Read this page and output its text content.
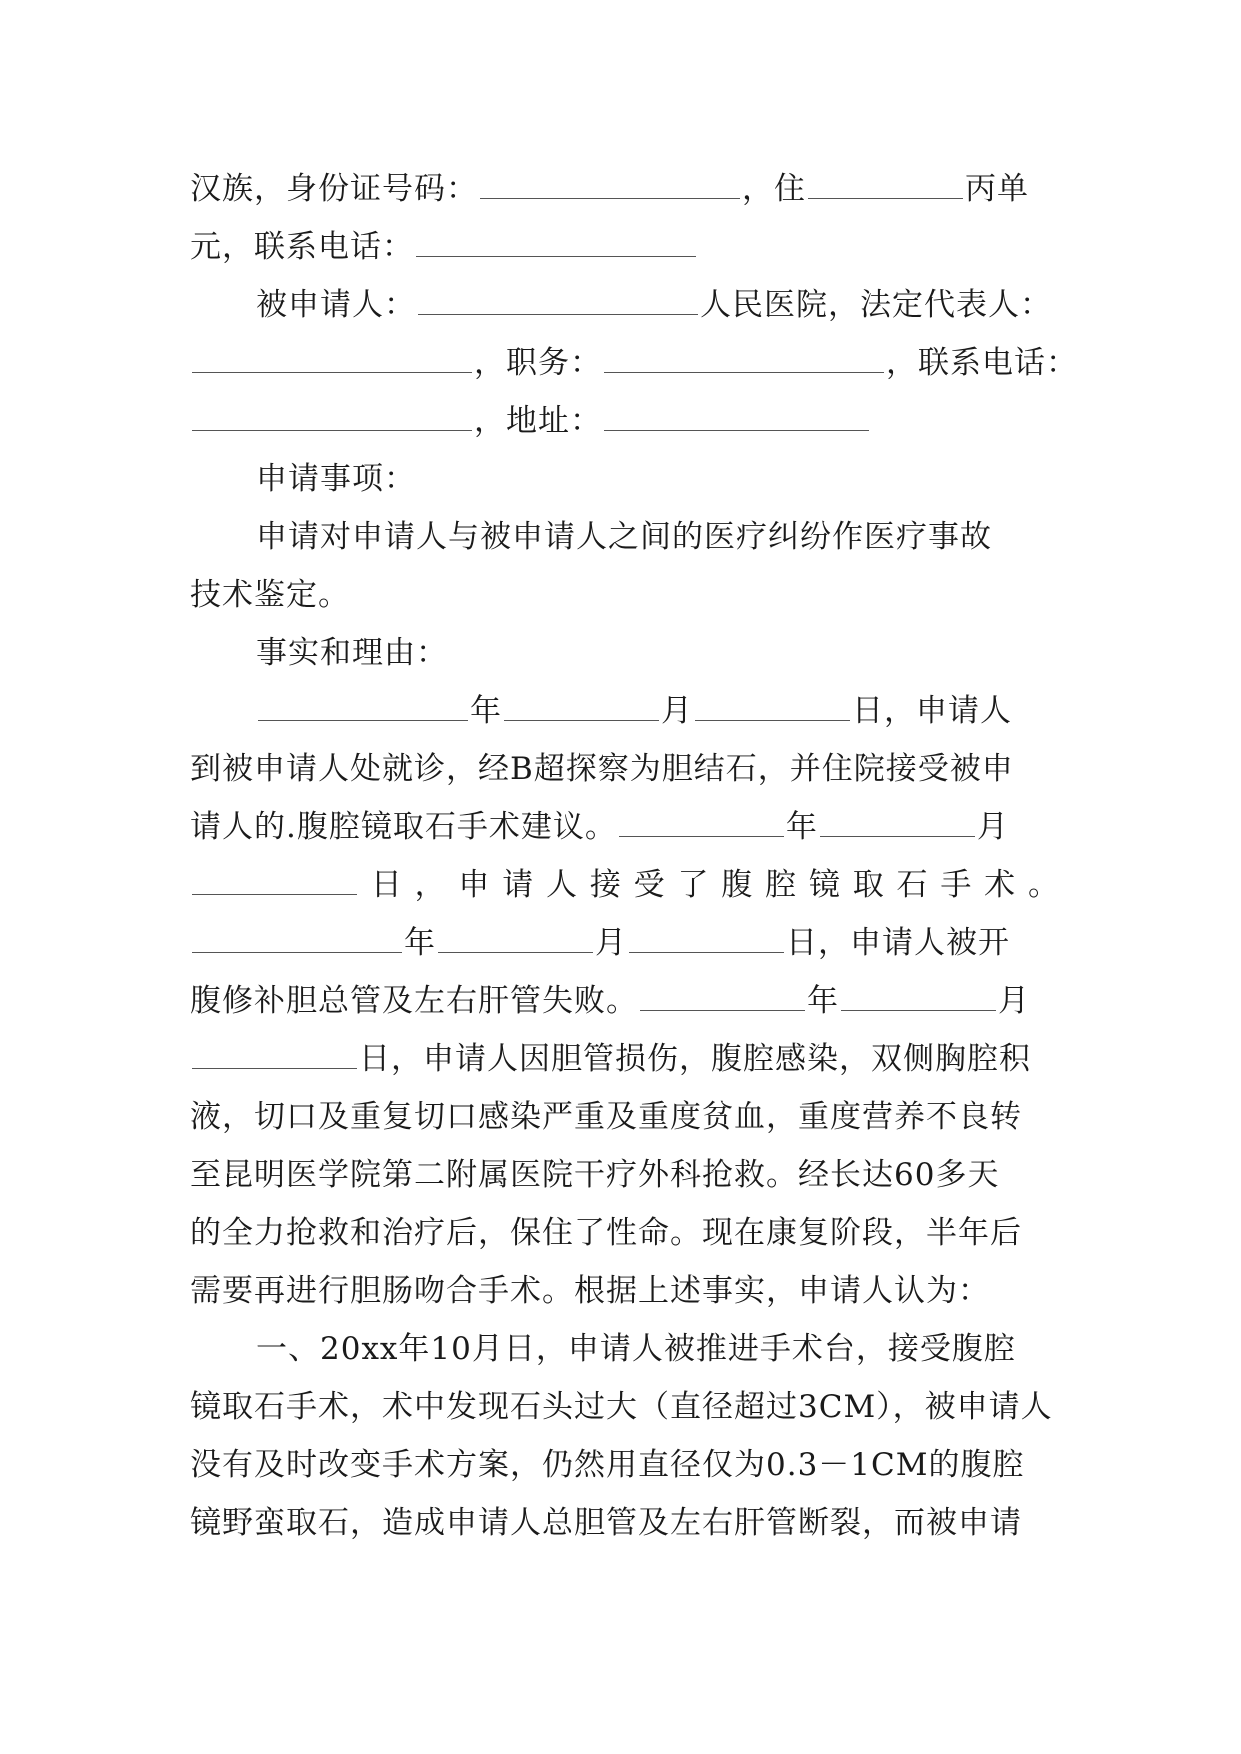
汉族，身份证号码：	，住	丙单
元，联系电话：
被申请人：	人民医院，法定代表人：
，职务：	，联系电话：
，地址：
申请事项：
申请对申请人与被申请人之间的医疗纠纷作医疗事故
技术鉴定。
事实和理由：
年	月	日，申请人
到被申请人处就诊，经B超探察为胆结石，并住院接受被申
请人的.腹腔镜取石手术建议。	年	月
日，申请人接受了腹腔镜取石手术。
年	月	日，申请人被开
腹修补胆总管及左右肝管失败。	年	月
日，申请人因胆管损伤，腹腔感染，双侧胸腔积
液，切口及重复切口感染严重及重度贫血，重度营养不良转
至昆明医学院第二附属医院干疗外科抢救。经长达60多天
的全力抢救和治疗后，保住了性命。现在康复阶段，半年后
需要再进行胆肠吻合手术。根据上述事实，申请人认为：
一、20xx年10月日，申请人被推进手术台，接受腹腔
镜取石手术，术中发现石头过大（直径超过3CM），被申请人
没有及时改变手术方案，仍然用直径仅为0.3－1CM的腹腔
镜野蛮取石，造成申请人总胆管及左右肝管断裂，而被申请
